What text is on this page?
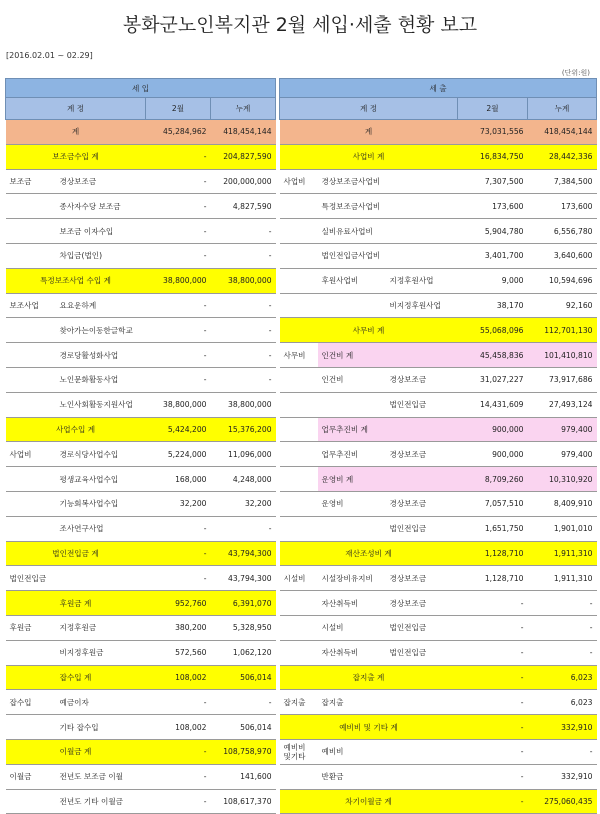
봉화군노인복지관 2월 세입·세출 현황 보고
[2016.02.01 ~ 02.29]
(단위:원)
세 입			
계 정		2월	누계
계		45,284,962	418,454,144
보조금수입 계		-	204,827,590
보조금	경상보조금	-	200,000,000
	종사자수당 보조금	-	4,827,590
	보조금 이자수입	-	-
	차입금(법인)	-	-
특정보조사업 수입 계		38,800,000	38,800,000
보조사업	요요운하계	-	-
	찾아가는이동한글학교	-	-
	경로당활성화사업	-	-
	노인문화활동사업	-	-
	노인사회활동지원사업	38,800,000	38,800,000
사업수입 계		5,424,200	15,376,200
사업비	경로식당사업수입	5,224,000	11,096,000
	평생교육사업수입	168,000	4,248,000
	기능회복사업수입	32,200	32,200
	조사연구사업	-	-
법인전입금 계		-	43,794,300
법인전입금		-	43,794,300
후원금 계		952,760	6,391,070
후원금	지정후원금	380,200	5,328,950
	비지정후원금	572,560	1,062,120
잡수입 계		108,002	506,014
잡수입	예금이자	-	-
	기타 잡수입	108,002	506,014
이월금 계		-	108,758,970
이월금	전년도 보조금 이월	-	141,600
	전년도 기타 이월금	-	108,617,370
세 출				
계 정			2월	누계
계			73,031,556	418,454,144
사업비 계			16,834,750	28,442,336
사업비	경상보조금사업비		7,307,500	7,384,500
	특정보조금사업비		173,600	173,600
	실비유료사업비		5,904,780	6,556,780
	법인전입금사업비		3,401,700	3,640,600
	후원사업비	지정후원사업	9,000	10,594,696
		비지정후원사업	38,170	92,160
사무비 계			55,068,096	112,701,130
사무비	인건비 계		45,458,836	101,410,810
	인건비	경상보조금	31,027,227	73,917,686
		법인전입금	14,431,609	27,493,124
	업무추진비 계		900,000	979,400
	업무추진비	경상보조금	900,000	979,400
	운영비 계		8,709,260	10,310,920
	운영비	경상보조금	7,057,510	8,409,910
		법인전입금	1,651,750	1,901,010
재산조성비 계			1,128,710	1,911,310
시설비	시설장비유지비	경상보조금	1,128,710	1,911,310
	자산취득비	경상보조금	-	-
	시설비	법인전입금	-	-
	자산취득비	법인전입금	-	-
잡지출 계			-	6,023
잡지출	잡지출		-	6,023
예비비 및 기타 계			-	332,910
예비비
및기타	예비비		-	-
	반환금		-	332,910
차기이월금 계			-	275,060,435
